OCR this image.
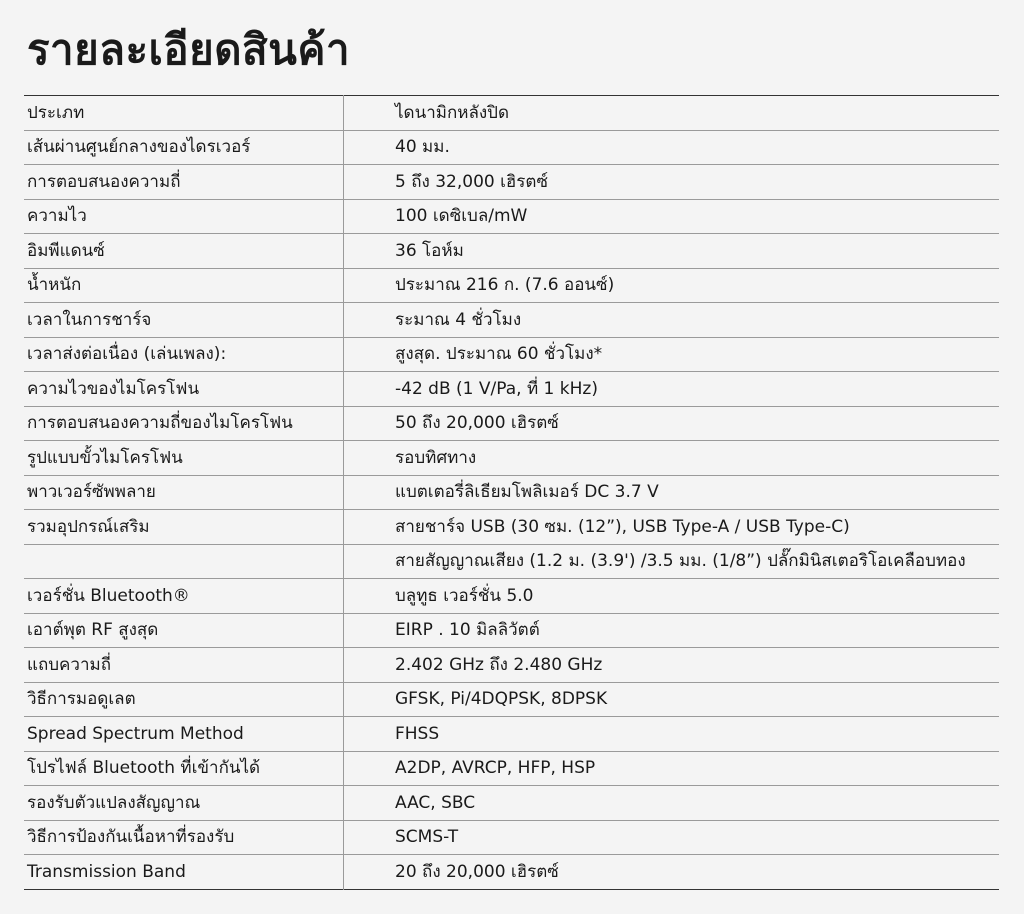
รายละเอียดสินค้า
ประเภท	ไดนามิกหลังปิด
เส้นผ่านศูนย์กลางของไดรเวอร์	40 มม.
การตอบสนองความถี่	5 ถึง 32,000 เฮิรตซ์
ความไว	100 เดซิเบล/mW
อิมพีแดนซ์	36 โอห์ม
น้ำหนัก	ประมาณ 216 ก. (7.6 ออนซ์)
เวลาในการชาร์จ	ระมาณ 4 ชั่วโมง
เวลาส่งต่อเนื่อง (เล่นเพลง):	สูงสุด. ประมาณ 60 ชั่วโมง*
ความไวของไมโครโฟน	-42 dB (1 V/Pa, ที่ 1 kHz)
การตอบสนองความถี่ของไมโครโฟน	50 ถึง 20,000 เฮิรตซ์
รูปแบบขั้วไมโครโฟน	รอบทิศทาง
พาวเวอร์ซัพพลาย	แบตเตอรี่ลิเธียมโพลิเมอร์ DC 3.7 V
รวมอุปกรณ์เสริม	สายชาร์จ USB (30 ซม. (12”), USB Type-A / USB Type-C)
	สายสัญญาณเสียง (1.2 ม. (3.9') /3.5 มม. (1/8”) ปลั๊กมินิสเตอริโอเคลือบทอง
เวอร์ชั่น Bluetooth®	บลูทูธ เวอร์ชั่น 5.0
เอาต์พุต RF สูงสุด	EIRP . 10 มิลลิวัตต์
แถบความถี่	2.402 GHz ถึง 2.480 GHz
วิธีการมอดูเลต	GFSK, Pi/4DQPSK, 8DPSK
Spread Spectrum Method	FHSS
โปรไฟล์ Bluetooth ที่เข้ากันได้	A2DP, AVRCP, HFP, HSP
รองรับตัวแปลงสัญญาณ	AAC, SBC
วิธีการป้องกันเนื้อหาที่รองรับ	SCMS-T
Transmission Band	20 ถึง 20,000 เฮิรตซ์
